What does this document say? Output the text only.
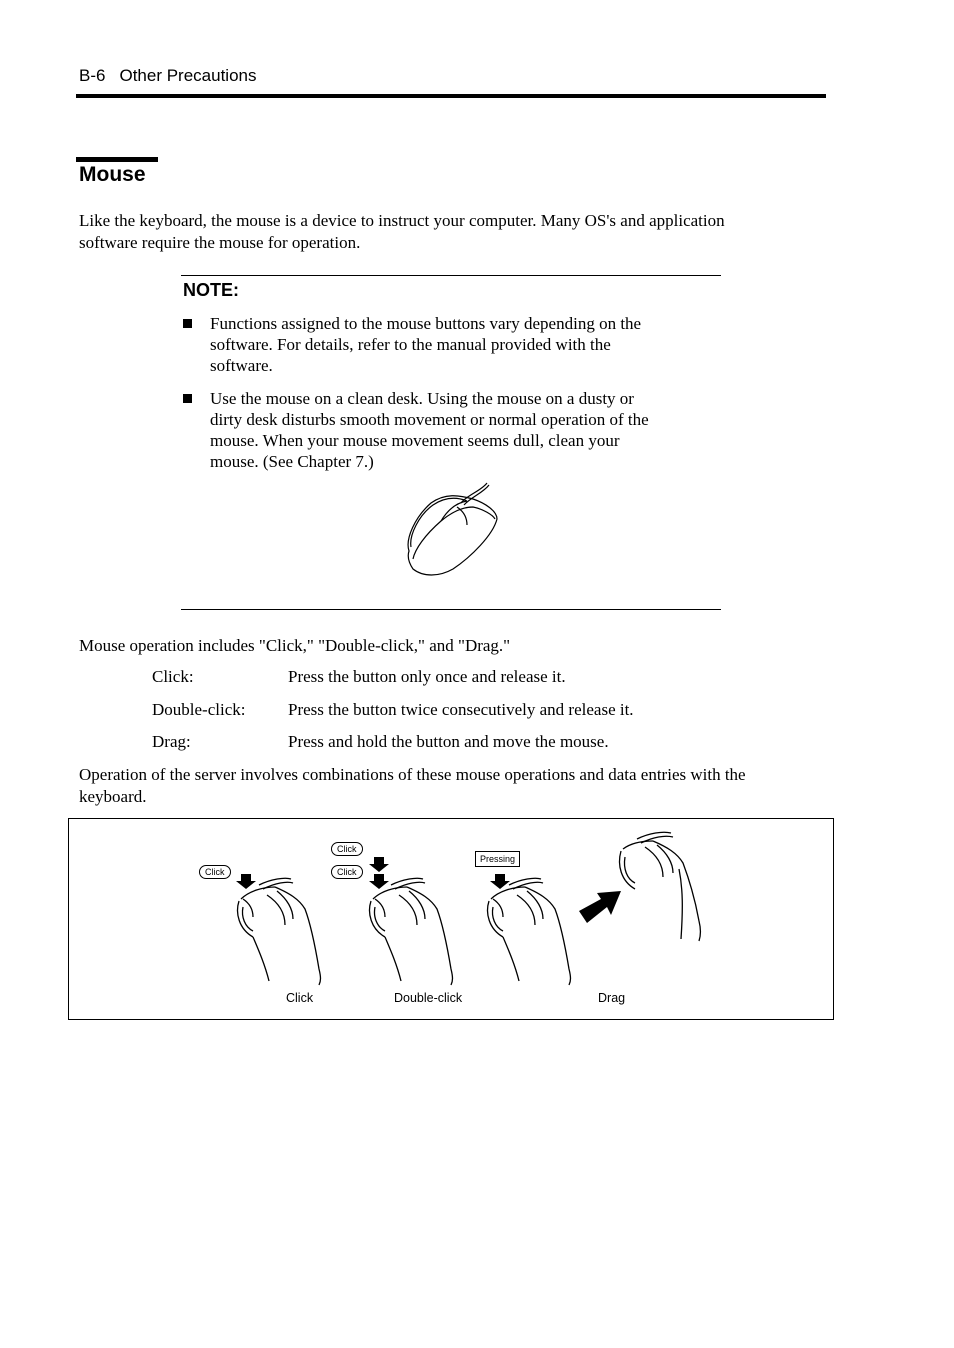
B-6 Other Precautions
Mouse
Like the keyboard, the mouse is a device to instruct your computer. Many OS's and application
software require the mouse for operation.
NOTE:
Functions assigned to the mouse buttons vary depending on the
software. For details, refer to the manual provided with the
software.
Use the mouse on a clean desk. Using the mouse on a dusty or
dirty desk disturbs smooth movement or normal operation of the
mouse. When your mouse movement seems dull, clean your
mouse. (See Chapter 7.)
Mouse operation includes "Click," "Double-click," and "Drag."
Click:	Press the button only once and release it.
Double-click:	Press the button twice consecutively and release it.
Drag:	Press and hold the button and move the mouse.
Operation of the server involves combinations of these mouse operations and data entries with the
keyboard.
Click
Click
Click
Pressing
Click	Double-click	Drag
